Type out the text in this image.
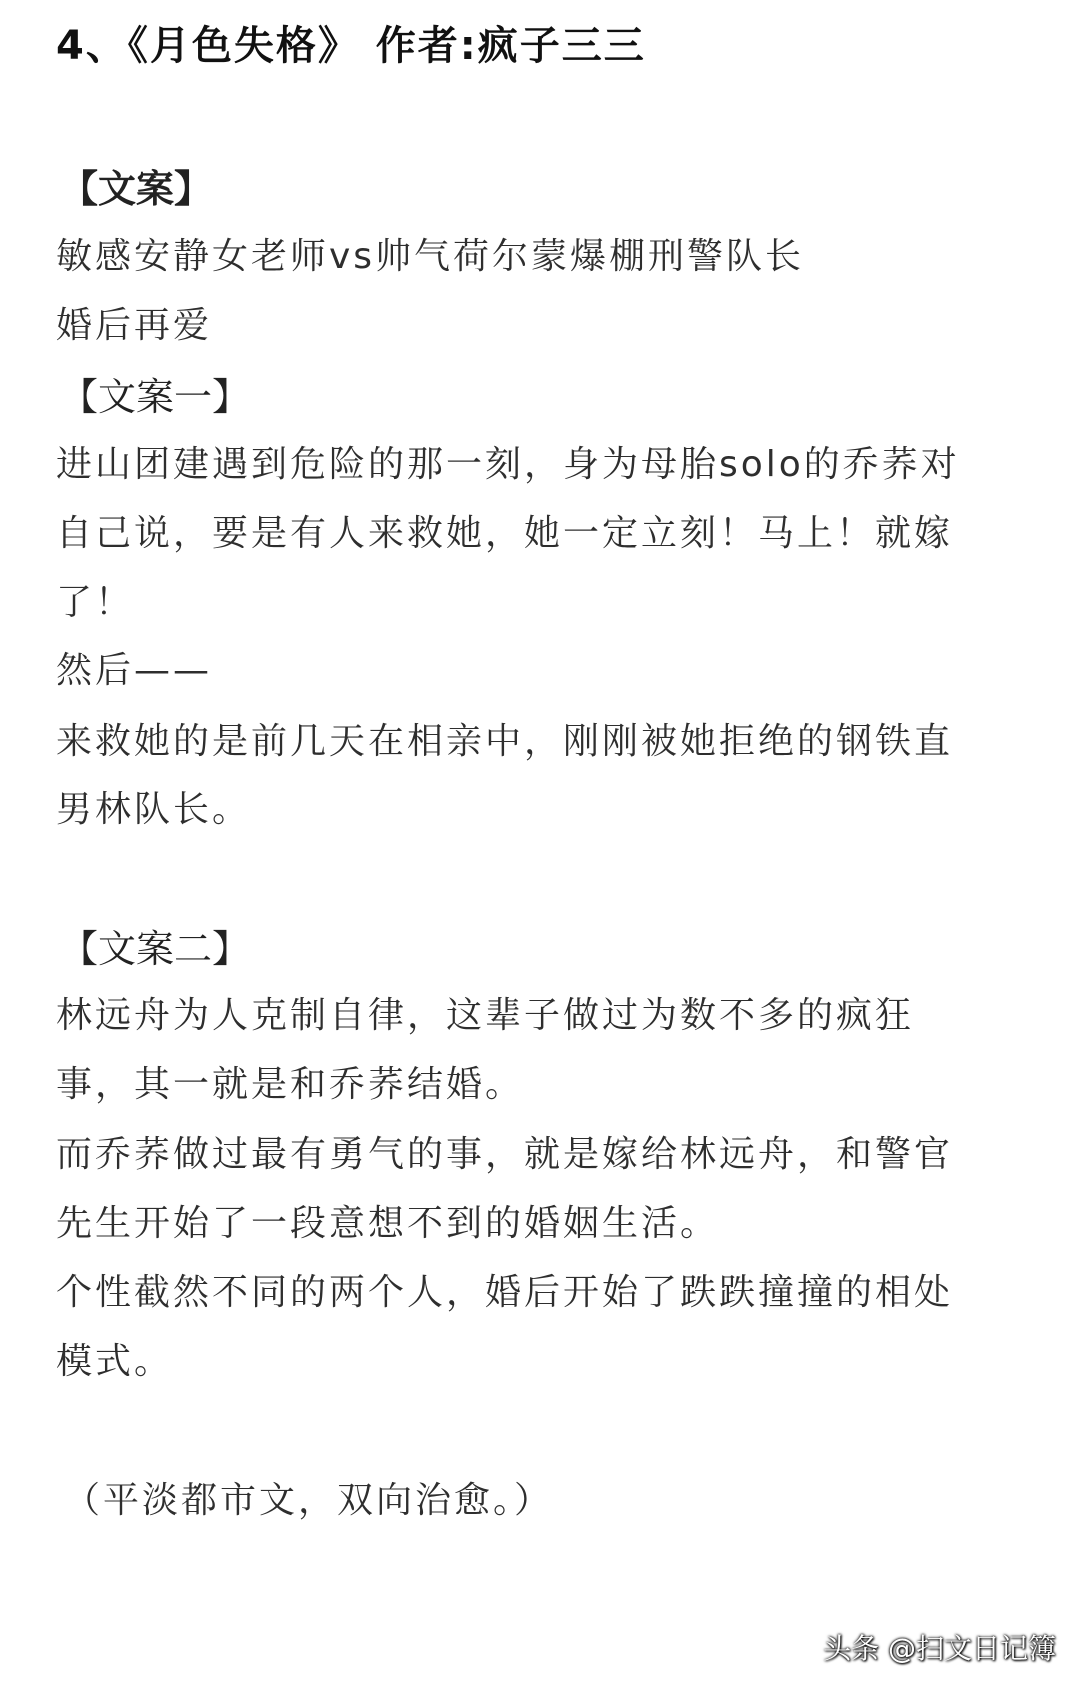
4、《月色失格》 作者:疯子三三
【文案】
敏感安静女老师vs帅气荷尔蒙爆棚刑警队长
婚后再爱
【文案一】
进山团建遇到危险的那一刻，身为母胎solo的乔荞对
自己说，要是有人来救她，她一定立刻！马上！就嫁
了！
然后——
来救她的是前几天在相亲中，刚刚被她拒绝的钢铁直
男林队长。
【文案二】
林远舟为人克制自律，这辈子做过为数不多的疯狂
事，其一就是和乔荞结婚。
而乔荞做过最有勇气的事，就是嫁给林远舟，和警官
先生开始了一段意想不到的婚姻生活。
个性截然不同的两个人，婚后开始了跌跌撞撞的相处
模式。
（平淡都市文，双向治愈。）
头条 @扫文日记簿
